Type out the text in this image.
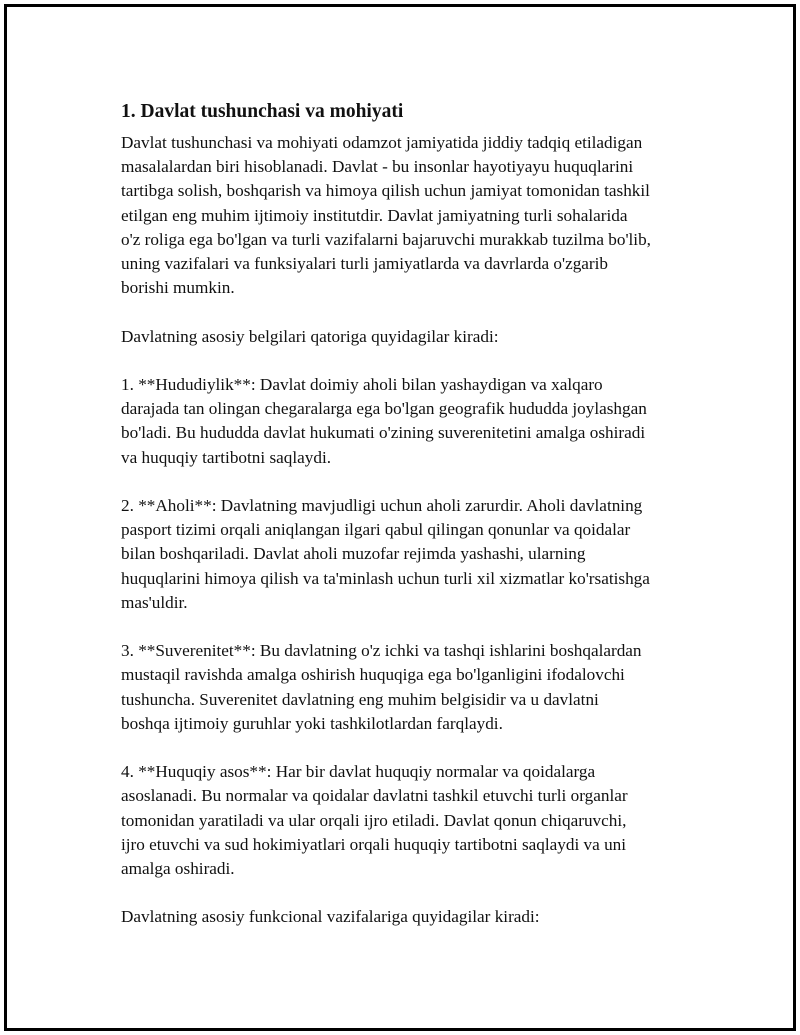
1. Davlat tushunchasi va mohiyati

Davlat tushunchasi va mohiyati odamzot jamiyatida jiddiy tadqiq etiladigan
masalalardan biri hisoblanadi. Davlat - bu insonlar hayotiyayu huquqlarini
tartibga solish, boshqarish va himoya qilish uchun jamiyat tomonidan tashkil
etilgan eng muhim ijtimoiy institutdir. Davlat jamiyatning turli sohalarida
o'z roliga ega bo'lgan va turli vazifalarni bajaruvchi murakkab tuzilma bo'lib,
uning vazifalari va funksiyalari turli jamiyatlarda va davrlarda o'zgarib
borishi mumkin.

Davlatning asosiy belgilari qatoriga quyidagilar kiradi:

1. **Hududiylik**: Davlat doimiy aholi bilan yashaydigan va xalqaro
darajada tan olingan chegaralarga ega bo'lgan geografik hududda joylashgan
bo'ladi. Bu hududda davlat hukumati o'zining suverenitetini amalga oshiradi
va huquqiy tartibotni saqlaydi.

2. **Aholi**: Davlatning mavjudligi uchun aholi zarurdir. Aholi davlatning
pasport tizimi orqali aniqlangan ilgari qabul qilingan qonunlar va qoidalar
bilan boshqariladi. Davlat aholi muzofar rejimda yashashi, ularning
huquqlarini himoya qilish va ta'minlash uchun turli xil xizmatlar ko'rsatishga
mas'uldir.

3. **Suverenitet**: Bu davlatning o'z ichki va tashqi ishlarini boshqalardan
mustaqil ravishda amalga oshirish huquqiga ega bo'lganligini ifodalovchi
tushuncha. Suverenitet davlatning eng muhim belgisidir va u davlatni
boshqa ijtimoiy guruhlar yoki tashkilotlardan farqlaydi.

4. **Huquqiy asos**: Har bir davlat huquqiy normalar va qoidalarga
asoslanadi. Bu normalar va qoidalar davlatni tashkil etuvchi turli organlar
tomonidan yaratiladi va ular orqali ijro etiladi. Davlat qonun chiqaruvchi,
ijro etuvchi va sud hokimiyatlari orqali huquqiy tartibotni saqlaydi va uni
amalga oshiradi.

Davlatning asosiy funkcional vazifalariga quyidagilar kiradi:
